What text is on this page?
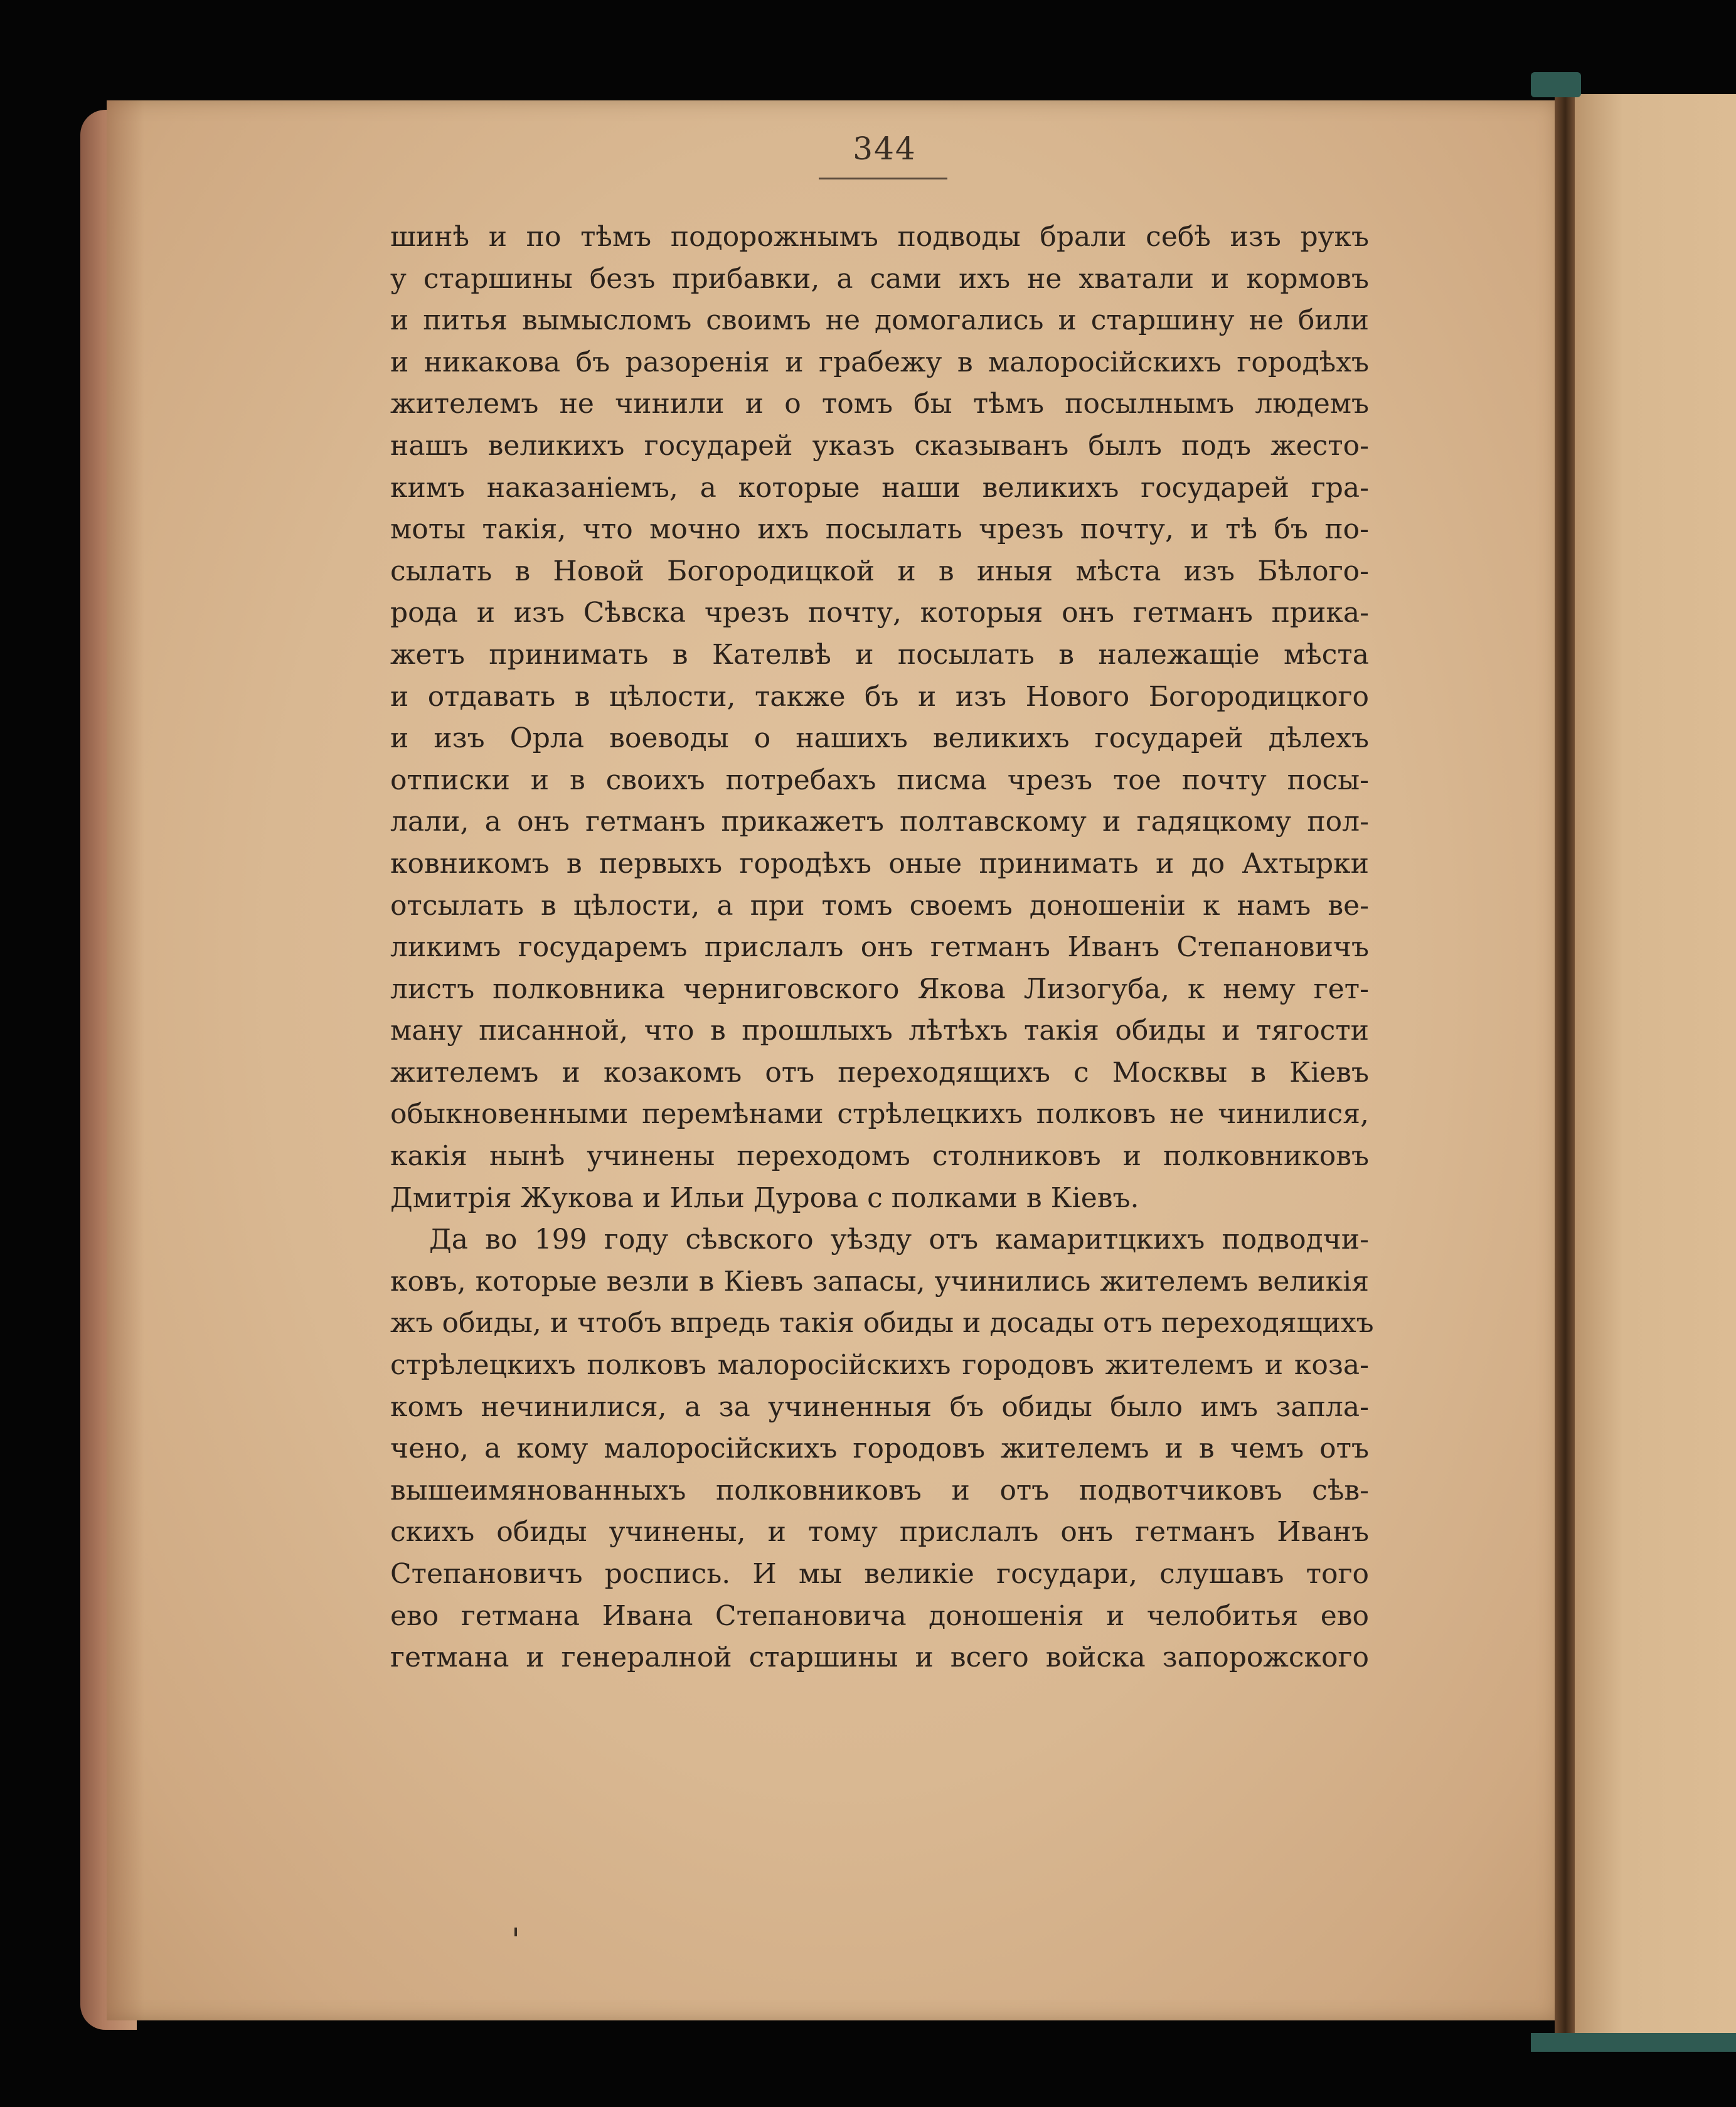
344
шинѣ и по тѣмъ подорожнымъ подводы брали себѣ изъ рукъ
у старшины безъ прибавки, а сами ихъ не хватали и кормовъ
и питья вымысломъ своимъ не домогались и старшину не били
и никакова бъ разоренія и грабежу в малоросійскихъ городѣхъ
жителемъ не чинили и о томъ бы тѣмъ посылнымъ людемъ
нашъ великихъ государей указъ сказыванъ былъ подъ жесто-
кимъ наказаніемъ, а которые наши великихъ государей гра-
моты такія, что мочно ихъ посылать чрезъ почту, и тѣ бъ по-
сылать в Новой Богородицкой и в иныя мѣста изъ Бѣлого-
рода и изъ Сѣвска чрезъ почту, которыя онъ гетманъ прика-
жетъ принимать в Кателвѣ и посылать в належащіе мѣста
и отдавать в цѣлости, также бъ и изъ Нового Богородицкого
и изъ Орла воеводы о нашихъ великихъ государей дѣлехъ
отписки и в своихъ потребахъ писма чрезъ тое почту посы-
лали, а онъ гетманъ прикажетъ полтавскому и гадяцкому пол-
ковникомъ в первыхъ городѣхъ оные принимать и до Ахтырки
отсылать в цѣлости, а при томъ своемъ доношеніи к намъ ве-
ликимъ государемъ прислалъ онъ гетманъ Иванъ Степановичъ
листъ полковника черниговского Якова Лизогуба, к нему гет-
ману писанной, что в прошлыхъ лѣтѣхъ такія обиды и тягости
жителемъ и козакомъ отъ переходящихъ с Москвы в Кіевъ
обыкновенными перемѣнами стрѣлецкихъ полковъ не чинилися,
какія нынѣ учинены переходомъ столниковъ и полковниковъ
Дмитрія Жукова и Ильи Дурова с полками в Кіевъ.
Да во 199 году сѣвского уѣзду отъ камаритцкихъ подводчи-
ковъ, которые везли в Кіевъ запасы, учинились жителемъ великія
жъ обиды, и чтобъ впредь такія обиды и досады отъ переходящихъ
стрѣлецкихъ полковъ малоросійскихъ городовъ жителемъ и коза-
комъ нечинилися, а за учиненныя бъ обиды было имъ запла-
чено, а кому малоросійскихъ городовъ жителемъ и в чемъ отъ
вышеимянованныхъ полковниковъ и отъ подвотчиковъ сѣв-
скихъ обиды учинены, и тому прислалъ онъ гетманъ Иванъ
Степановичъ роспись. И мы великіе государи, слушавъ того
ево гетмана Ивана Степановича доношенія и челобитья ево
гетмана и генералной старшины и всего войска запорожского
